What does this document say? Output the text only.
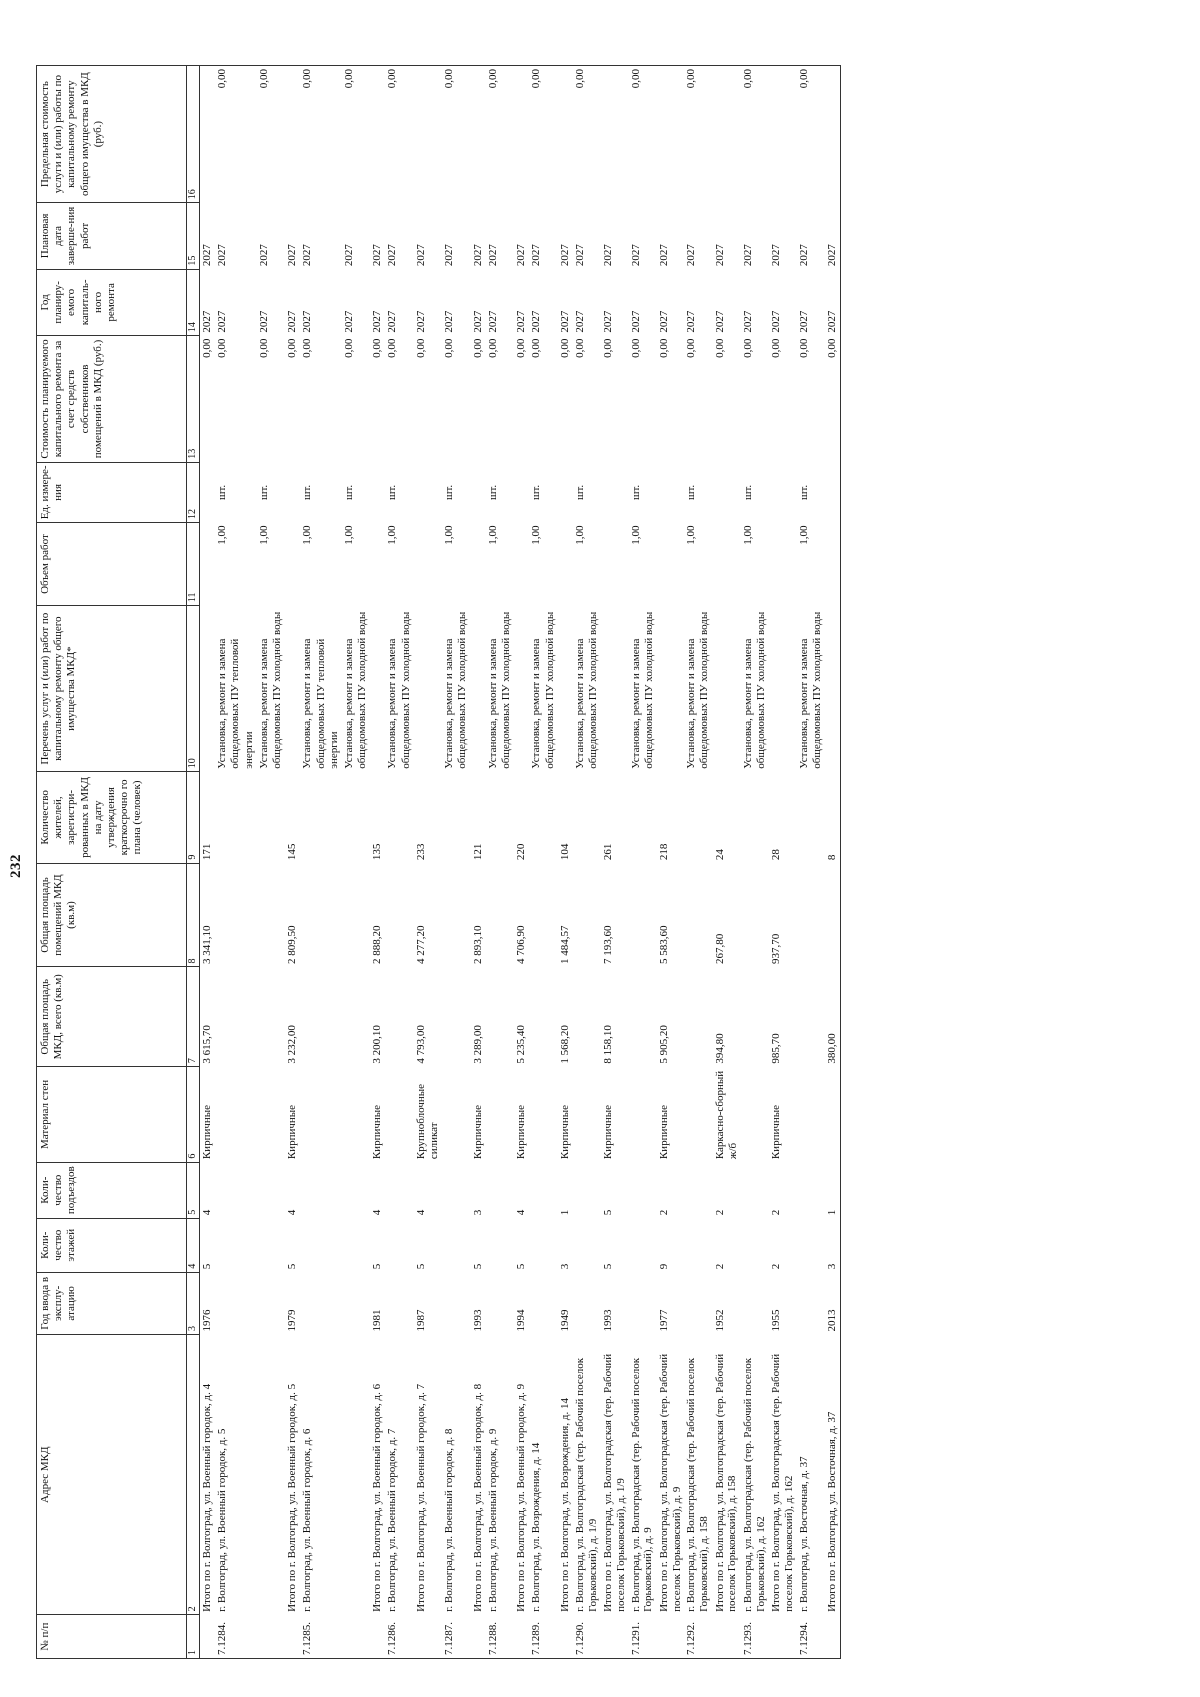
232
№ п/п	Адрес МКД	Год ввода в эксплу-атацию	Коли-чество этажей	Коли-чество подъездов	Материал стен	Общая площадь МКД, всего (кв.м)	Общая площадь помещений МКД (кв.м)	Количество жителей, зарегистри-рованных в МКД на дату утверждения краткосрочно го плана (человек)	Перечень услуг и (или) работ по капитальному ремонту общего имущества МКД*	Объем работ	Ед. измере-ния	Стоимость планируемого капитального ремонта за счет средств собственников помещений в МКД (руб.)	Год планиру-емого капиталь-ного ремонта	Плановая дата заверше-ния работ	Предельная стоимость услуги и (или) работы по капитальному ремонту общего имущества в МКД (руб.)
1	2	3	4	5	6	7	8	9	10	11	12	13	14	15	16
	Итого по г. Волгоград, ул. Военный городок, д. 4	1976	5	4	Кирпичные	3 615,70	3 341,10	171				0,00	2027	2027	
7.1284.	г. Волгоград, ул. Военный городок, д. 5								Установка, ремонт и замена общедомовых ПУ тепловой энергии	1,00	шт.	0,00	2027	2027	0,00
									Установка, ремонт и замена общедомовых ПУ холодной воды	1,00	шт.	0,00	2027	2027	0,00
	Итого по г. Волгоград, ул. Военный городок, д. 5	1979	5	4	Кирпичные	3 232,00	2 809,50	145				0,00	2027	2027	
7.1285.	г. Волгоград, ул. Военный городок, д. 6								Установка, ремонт и замена общедомовых ПУ тепловой энергии	1,00	шт.	0,00	2027	2027	0,00
									Установка, ремонт и замена общедомовых ПУ холодной воды	1,00	шт.	0,00	2027	2027	0,00
	Итого по г. Волгоград, ул. Военный городок, д. 6	1981	5	4	Кирпичные	3 200,10	2 888,20	135				0,00	2027	2027	
7.1286.	г. Волгоград, ул. Военный городок, д. 7								Установка, ремонт и замена общедомовых ПУ холодной воды	1,00	шт.	0,00	2027	2027	0,00
	Итого по г. Волгоград, ул. Военный городок, д. 7	1987	5	4	Крупноблочные силикат	4 793,00	4 277,20	233				0,00	2027	2027	
7.1287.	г. Волгоград, ул. Военный городок, д. 8								Установка, ремонт и замена общедомовых ПУ холодной воды	1,00	шт.	0,00	2027	2027	0,00
	Итого по г. Волгоград, ул. Военный городок, д. 8	1993	5	3	Кирпичные	3 289,00	2 893,10	121				0,00	2027	2027	
7.1288.	г. Волгоград, ул. Военный городок, д. 9								Установка, ремонт и замена общедомовых ПУ холодной воды	1,00	шт.	0,00	2027	2027	0,00
	Итого по г. Волгоград, ул. Военный городок, д. 9	1994	5	4	Кирпичные	5 235,40	4 706,90	220				0,00	2027	2027	
7.1289.	г. Волгоград, ул. Возрождения, д. 14								Установка, ремонт и замена общедомовых ПУ холодной воды	1,00	шт.	0,00	2027	2027	0,00
	Итого по г. Волгоград, ул. Возрождения, д. 14	1949	3	1	Кирпичные	1 568,20	1 484,57	104				0,00	2027	2027	
7.1290.	г. Волгоград, ул. Волгоградская (тер. Рабочий поселок Горьковский), д. 1/9								Установка, ремонт и замена общедомовых ПУ холодной воды	1,00	шт.	0,00	2027	2027	0,00
	Итого по г. Волгоград, ул. Волгоградская (тер. Рабочий поселок Горьковский), д. 1/9	1993	5	5	Кирпичные	8 158,10	7 193,60	261				0,00	2027	2027	
7.1291.	г. Волгоград, ул. Волгоградская (тер. Рабочий поселок Горьковский), д. 9								Установка, ремонт и замена общедомовых ПУ холодной воды	1,00	шт.	0,00	2027	2027	0,00
	Итого по г. Волгоград, ул. Волгоградская (тер. Рабочий поселок Горьковский), д. 9	1977	9	2	Кирпичные	5 905,20	5 583,60	218				0,00	2027	2027	
7.1292.	г. Волгоград, ул. Волгоградская (тер. Рабочий поселок Горьковский), д. 158								Установка, ремонт и замена общедомовых ПУ холодной воды	1,00	шт.	0,00	2027	2027	0,00
	Итого по г. Волгоград, ул. Волгоградская (тер. Рабочий поселок Горьковский), д. 158	1952	2	2	Каркасно-сборный ж/б	394,80	267,80	24				0,00	2027	2027	
7.1293.	г. Волгоград, ул. Волгоградская (тер. Рабочий поселок Горьковский), д. 162								Установка, ремонт и замена общедомовых ПУ холодной воды	1,00	шт.	0,00	2027	2027	0,00
	Итого по г. Волгоград, ул. Волгоградская (тер. Рабочий поселок Горьковский), д. 162	1955	2	2	Кирпичные	985,70	937,70	28				0,00	2027	2027	
7.1294.	г. Волгоград, ул. Восточная, д. 37								Установка, ремонт и замена общедомовых ПУ холодной воды	1,00	шт.	0,00	2027	2027	0,00
	Итого по г. Волгоград, ул. Восточная, д. 37	2013	3	1		380,00		8				0,00	2027	2027	
